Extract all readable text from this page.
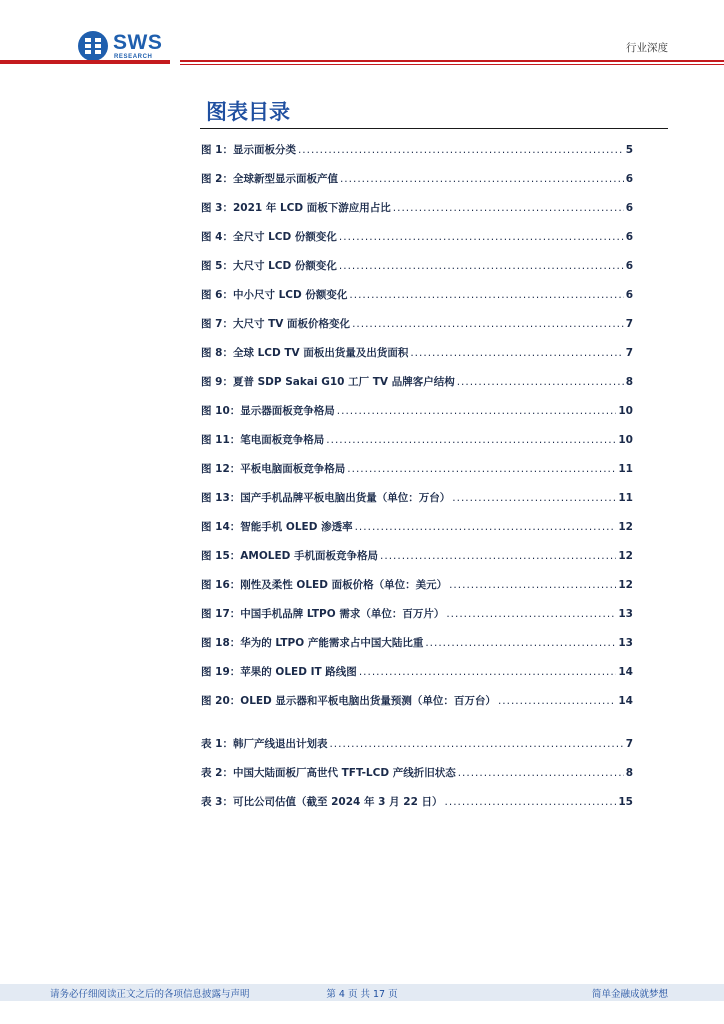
SWS
RESEARCH
行业深度
图表目录
图 1：显示面板分类 .....	5
图 2：全球新型显示面板产值 .....	6
图 3：2021 年 LCD 面板下游应用占比 .....	6
图 4：全尺寸 LCD 份额变化 .....	6
图 5：大尺寸 LCD 份额变化 .....	6
图 6：中小尺寸 LCD 份额变化 .....	6
图 7：大尺寸 TV 面板价格变化 .....	7
图 8：全球 LCD TV 面板出货量及出货面积 .....	7
图 9：夏普 SDP Sakai G10 工厂 TV 品牌客户结构 .....	8
图 10：显示器面板竞争格局 .....	10
图 11：笔电面板竞争格局 .....	10
图 12：平板电脑面板竞争格局 .....	11
图 13：国产手机品牌平板电脑出货量（单位：万台） .....	11
图 14：智能手机 OLED 渗透率 .....	12
图 15：AMOLED 手机面板竞争格局 .....	12
图 16：刚性及柔性 OLED 面板价格（单位：美元） .....	12
图 17：中国手机品牌 LTPO 需求（单位：百万片） .....	13
图 18：华为的 LTPO 产能需求占中国大陆比重 .....	13
图 19：苹果的 OLED IT 路线图 .....	14
图 20：OLED 显示器和平板电脑出货量预测（单位：百万台） .....	14
表 1：韩厂产线退出计划表 .....	7
表 2：中国大陆面板厂高世代 TFT-LCD 产线折旧状态 .....	8
表 3：可比公司估值（截至 2024 年 3 月 22 日） .....	15
请务必仔细阅读正文之后的各项信息披露与声明	第 4 页 共 17 页	简单金融成就梦想
